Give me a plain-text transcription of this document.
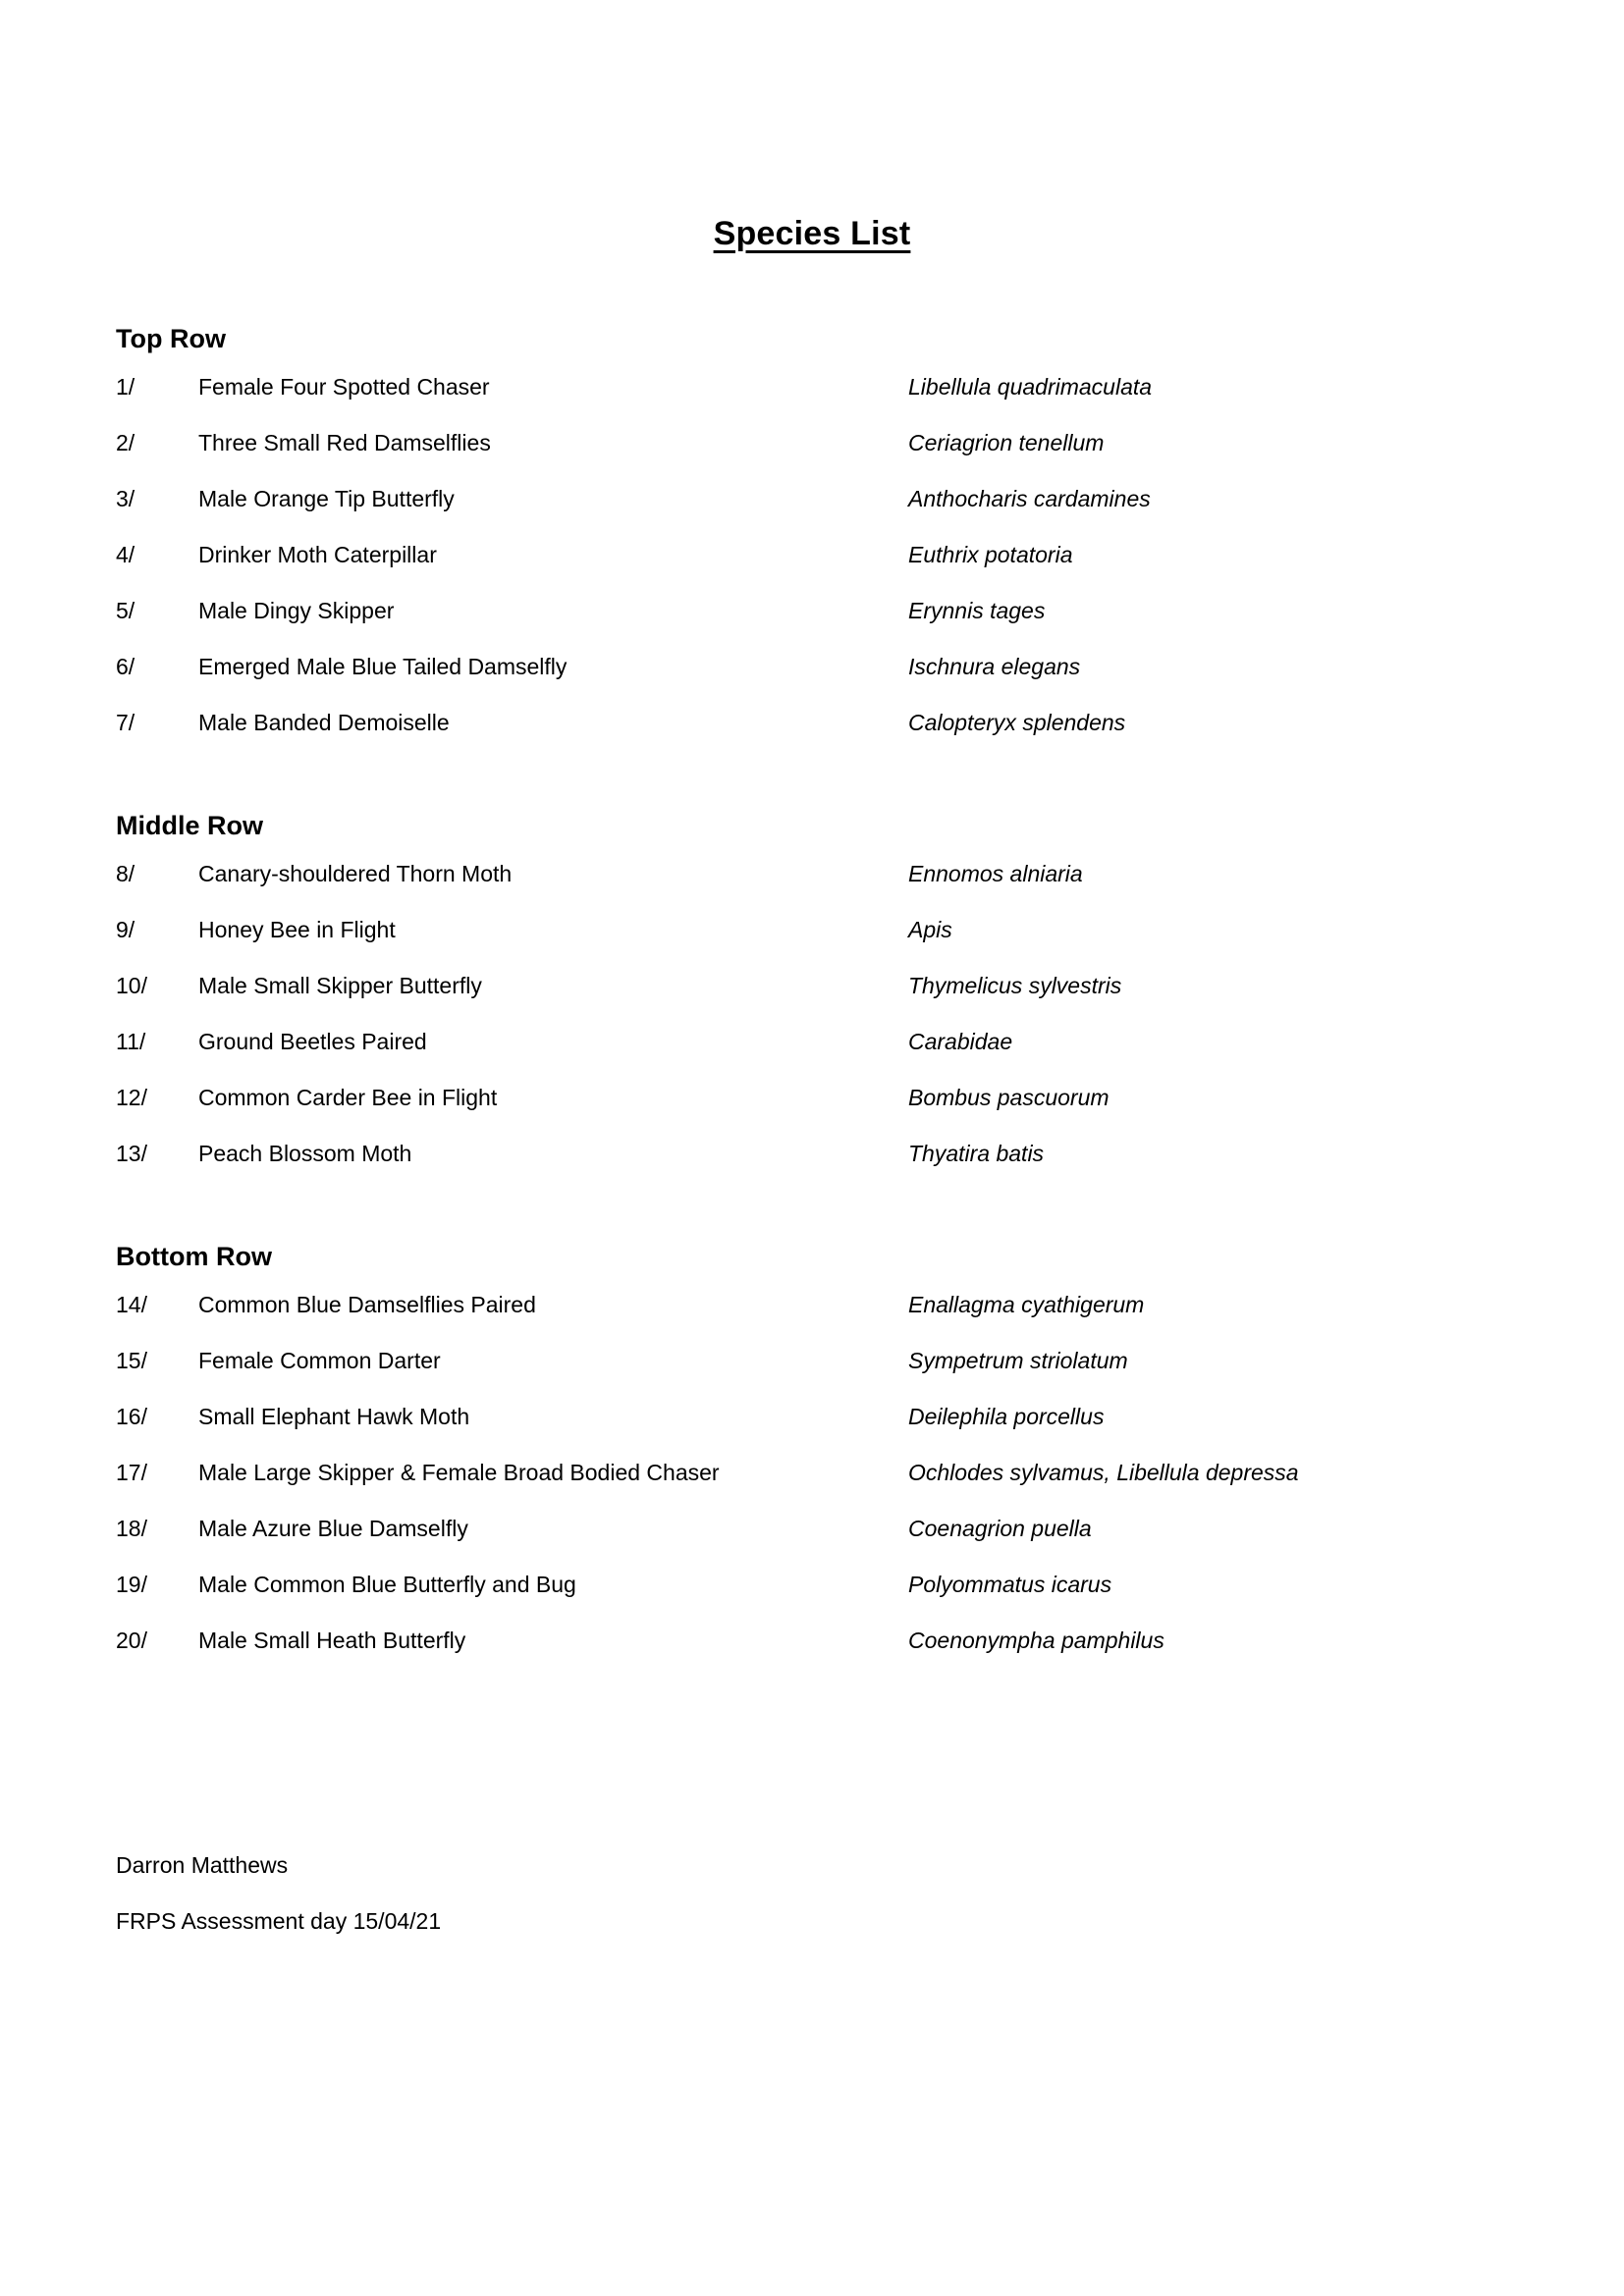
Species List
Top Row
1/	Female Four Spotted Chaser	Libellula quadrimaculata
2/	Three Small Red Damselflies	Ceriagrion tenellum
3/	Male Orange Tip Butterfly	Anthocharis cardamines
4/	Drinker Moth Caterpillar	Euthrix potatoria
5/	Male Dingy Skipper	Erynnis tages
6/	Emerged Male Blue Tailed Damselfly	Ischnura elegans
7/	Male Banded Demoiselle	Calopteryx splendens
Middle Row
8/	Canary-shouldered Thorn Moth	Ennomos alniaria
9/	Honey Bee in Flight	Apis
10/	Male Small Skipper Butterfly	Thymelicus sylvestris
11/	Ground Beetles Paired	Carabidae
12/	Common Carder Bee in Flight	Bombus pascuorum
13/	Peach Blossom Moth	Thyatira batis
Bottom Row
14/	Common Blue Damselflies Paired	Enallagma cyathigerum
15/	Female Common Darter	Sympetrum striolatum
16/	Small Elephant Hawk Moth	Deilephila porcellus
17/	Male Large Skipper & Female Broad Bodied Chaser	Ochlodes sylvamus, Libellula depressa
18/	Male Azure Blue Damselfly	Coenagrion puella
19/	Male Common Blue Butterfly and Bug	Polyommatus icarus
20/	Male Small Heath Butterfly	Coenonympha pamphilus
Darron Matthews
FRPS Assessment day 15/04/21
